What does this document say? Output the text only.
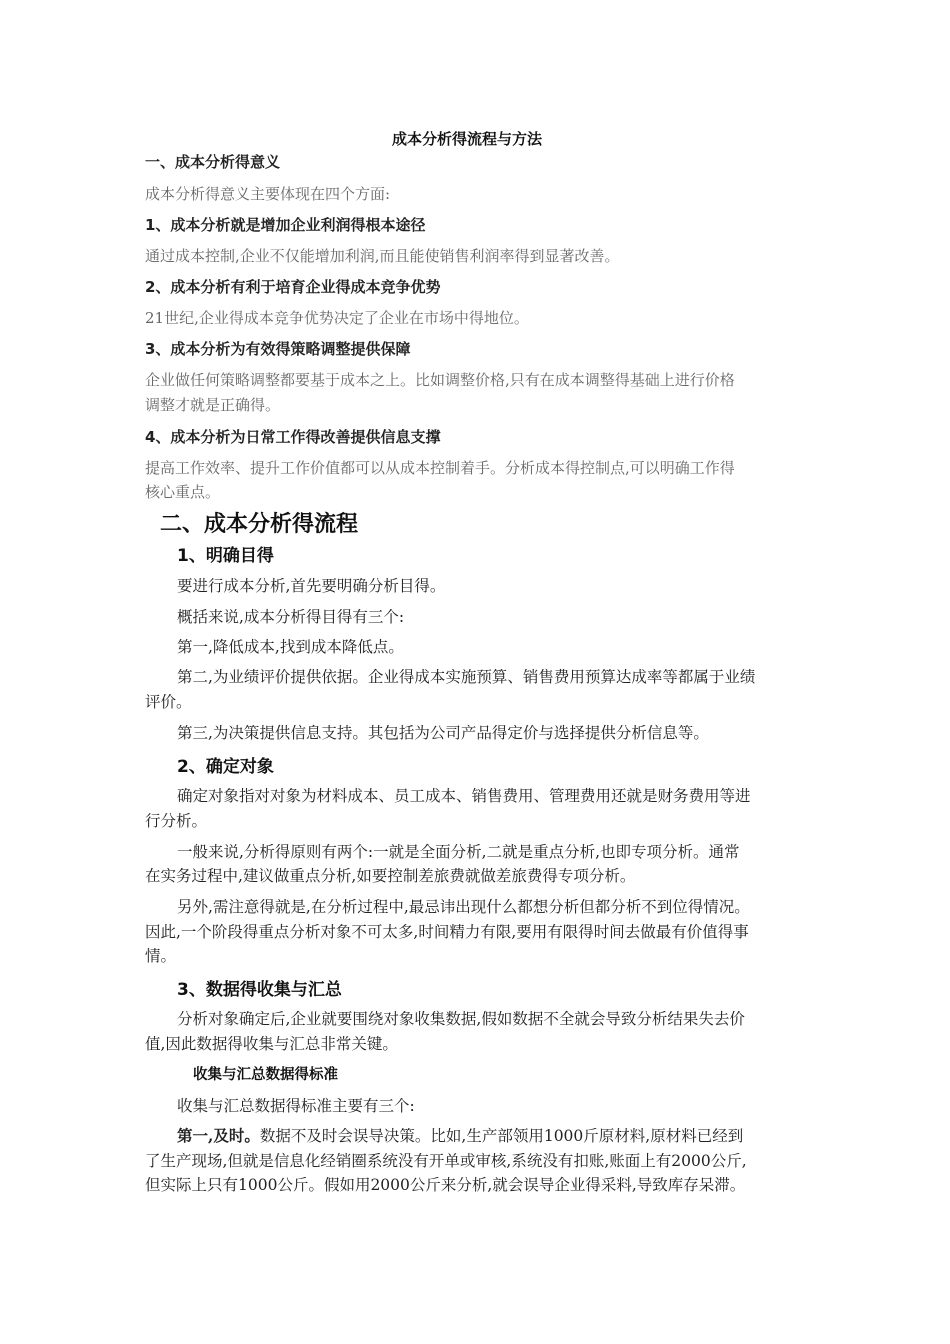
成本分析得流程与方法
一、成本分析得意义
成本分析得意义主要体现在四个方面:
1、成本分析就是增加企业利润得根本途径
通过成本控制,企业不仅能增加利润,而且能使销售利润率得到显著改善。
2、成本分析有利于培育企业得成本竞争优势
21世纪,企业得成本竞争优势决定了企业在市场中得地位。
3、成本分析为有效得策略调整提供保障
企业做任何策略调整都要基于成本之上。比如调整价格,只有在成本调整得基础上进行价格
调整才就是正确得。
4、成本分析为日常工作得改善提供信息支撑
提高工作效率、提升工作价值都可以从成本控制着手。分析成本得控制点,可以明确工作得
核心重点。
二、成本分析得流程
1、明确目得
要进行成本分析,首先要明确分析目得。
概括来说,成本分析得目得有三个:
第一,降低成本,找到成本降低点。
第二,为业绩评价提供依据。企业得成本实施预算、销售费用预算达成率等都属于业绩
评价。
第三,为决策提供信息支持。其包括为公司产品得定价与选择提供分析信息等。
2、确定对象
确定对象指对对象为材料成本、员工成本、销售费用、管理费用还就是财务费用等进
行分析。
一般来说,分析得原则有两个:一就是全面分析,二就是重点分析,也即专项分析。通常
在实务过程中,建议做重点分析,如要控制差旅费就做差旅费得专项分析。
另外,需注意得就是,在分析过程中,最忌讳出现什么都想分析但都分析不到位得情况。
因此,一个阶段得重点分析对象不可太多,时间精力有限,要用有限得时间去做最有价值得事
情。
3、数据得收集与汇总
分析对象确定后,企业就要围绕对象收集数据,假如数据不全就会导致分析结果失去价
值,因此数据得收集与汇总非常关键。
收集与汇总数据得标准
收集与汇总数据得标准主要有三个:
第一,及时。数据不及时会误导决策。比如,生产部领用1000斤原材料,原材料已经到
了生产现场,但就是信息化经销圈系统没有开单或审核,系统没有扣账,账面上有2000公斤,
但实际上只有1000公斤。假如用2000公斤来分析,就会误导企业得采料,导致库存呆滞。
